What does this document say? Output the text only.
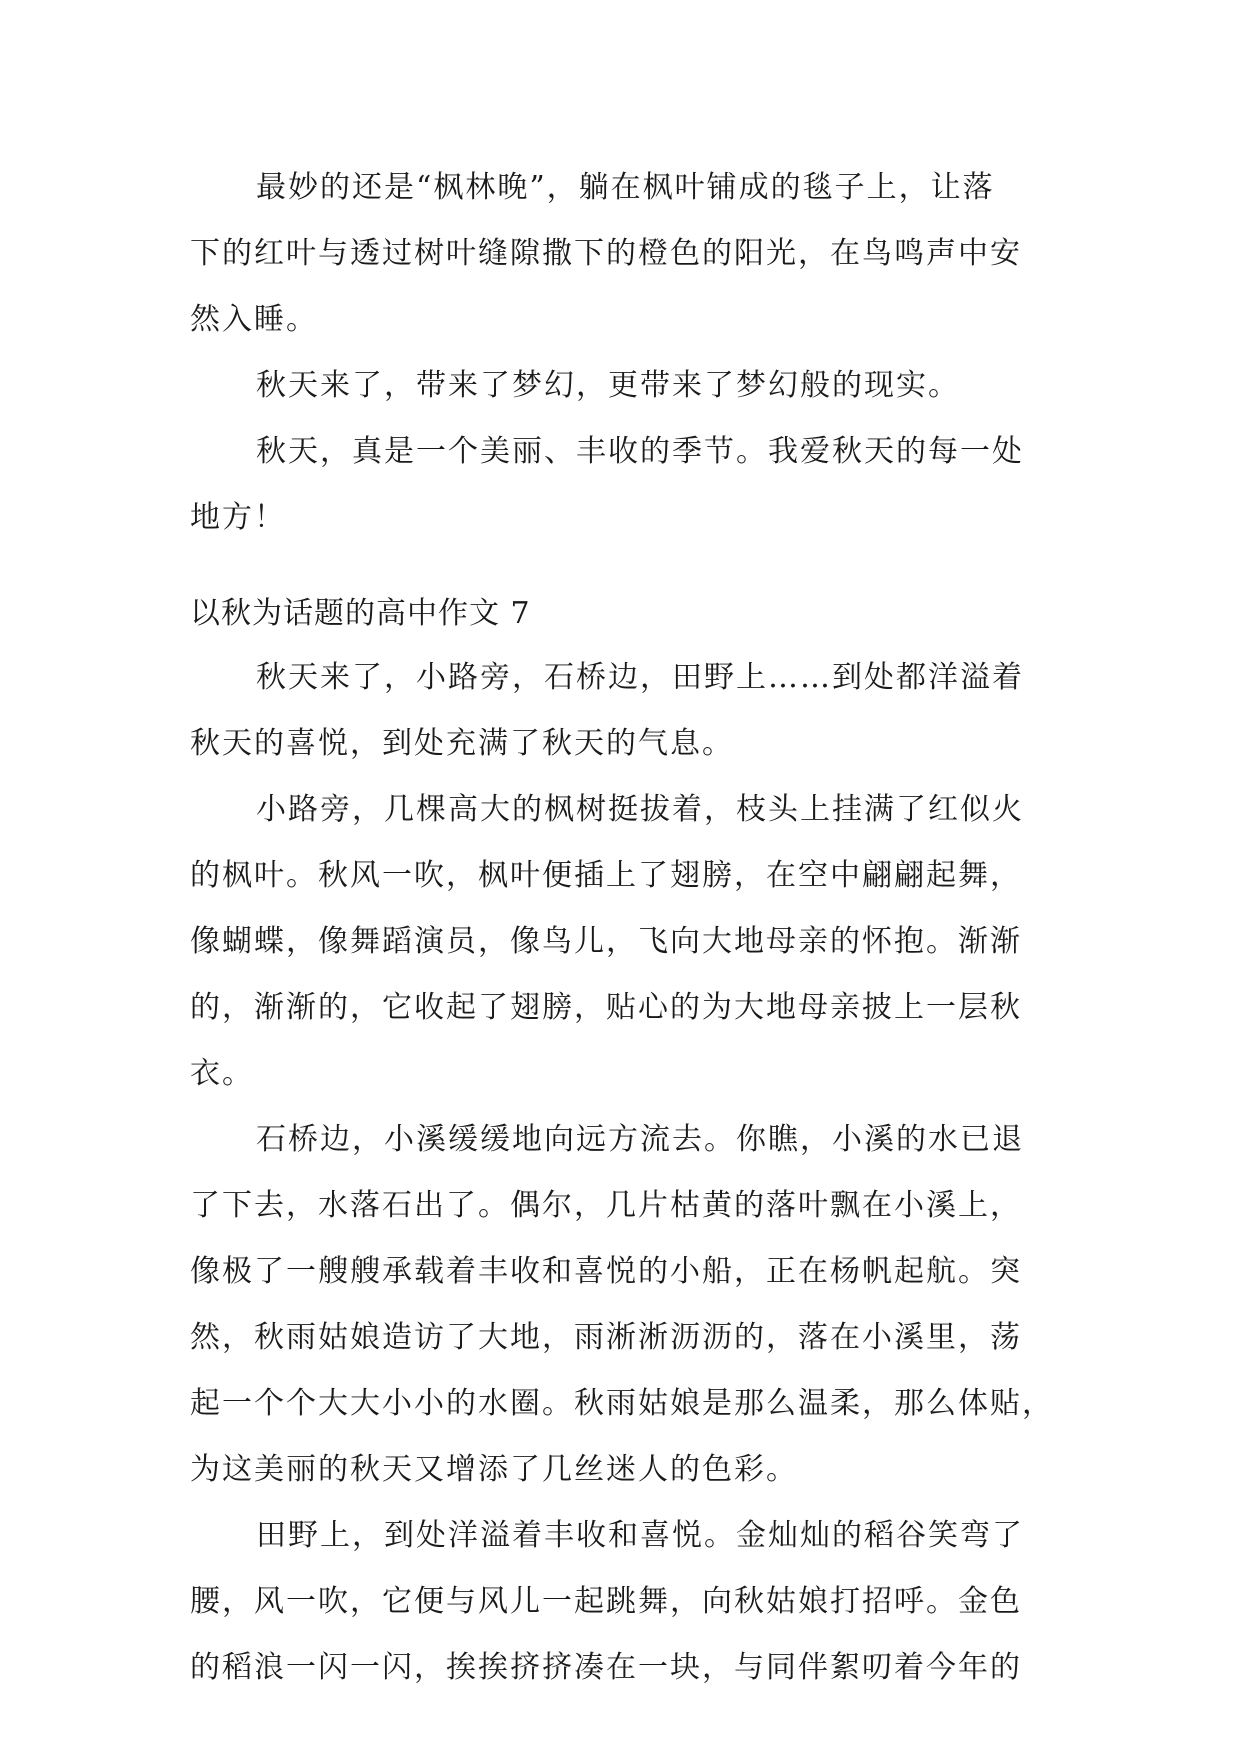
最妙的还是“枫林晚”，躺在枫叶铺成的毯子上，让落
下的红叶与透过树叶缝隙撒下的橙色的阳光，在鸟鸣声中安
然入睡。
秋天来了，带来了梦幻，更带来了梦幻般的现实。
秋天，真是一个美丽、丰收的季节。我爱秋天的每一处
地方！
以秋为话题的高中作文 7
秋天来了，小路旁，石桥边，田野上……到处都洋溢着
秋天的喜悦，到处充满了秋天的气息。
小路旁，几棵高大的枫树挺拔着，枝头上挂满了红似火
的枫叶。秋风一吹，枫叶便插上了翅膀，在空中翩翩起舞，
像蝴蝶，像舞蹈演员，像鸟儿，飞向大地母亲的怀抱。渐渐
的，渐渐的，它收起了翅膀，贴心的为大地母亲披上一层秋
衣。
石桥边，小溪缓缓地向远方流去。你瞧，小溪的水已退
了下去，水落石出了。偶尔，几片枯黄的落叶飘在小溪上，
像极了一艘艘承载着丰收和喜悦的小船，正在杨帆起航。突
然，秋雨姑娘造访了大地，雨淅淅沥沥的，落在小溪里，荡
起一个个大大小小的水圈。秋雨姑娘是那么温柔，那么体贴，
为这美丽的秋天又增添了几丝迷人的色彩。
田野上，到处洋溢着丰收和喜悦。金灿灿的稻谷笑弯了
腰，风一吹，它便与风儿一起跳舞，向秋姑娘打招呼。金色
的稻浪一闪一闪，挨挨挤挤凑在一块，与同伴絮叨着今年的
